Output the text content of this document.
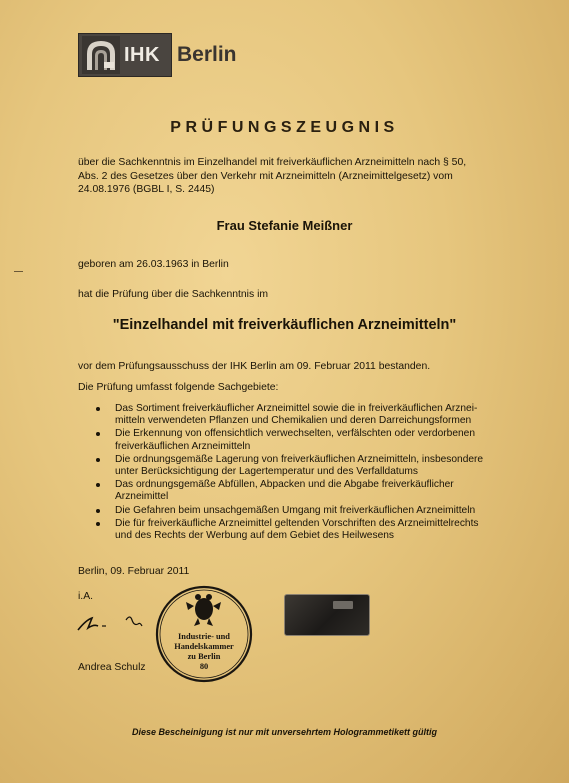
IHK Berlin
PRÜFUNGSZEUGNIS
über die Sachkenntnis im Einzelhandel mit freiverkäuflichen Arzneimitteln nach § 50,
Abs. 2 des Gesetzes über den Verkehr mit Arzneimitteln (Arzneimittelgesetz) vom
24.08.1976 (BGBL I, S. 2445)
Frau Stefanie Meißner
geboren am 26.03.1963 in Berlin
hat die Prüfung über die Sachkenntnis im
"Einzelhandel mit freiverkäuflichen Arzneimitteln"
vor dem Prüfungsausschuss der IHK Berlin am 09. Februar 2011 bestanden.
Die Prüfung umfasst folgende Sachgebiete:
Das Sortiment freiverkäuflicher Arzneimittel sowie die in freiverkäuflichen Arznei-
mitteln verwendeten Pflanzen und Chemikalien und deren Darreichungsformen
Die Erkennung von offensichtlich verwechselten, verfälschten oder verdorbenen
freiverkäuflichen Arzneimitteln
Die ordnungsgemäße Lagerung von freiverkäuflichen Arzneimitteln, insbesondere
unter Berücksichtigung der Lagertemperatur und des Verfalldatums
Das ordnungsgemäße Abfüllen, Abpacken und die Abgabe freiverkäuflicher
Arzneimittel
Die Gefahren beim unsachgemäßen Umgang mit freiverkäuflichen Arzneimitteln
Die für freiverkäufliche Arzneimittel geltenden Vorschriften des Arzneimittelrechts
und des Rechts der Werbung auf dem Gebiet des Heilwesens
Berlin, 09. Februar 2011
i.A.
Andrea Schulz
Industrie- und
Handelskammer
zu Berlin
80
Diese Bescheinigung ist nur mit unversehrtem Hologrammetikett gültig
